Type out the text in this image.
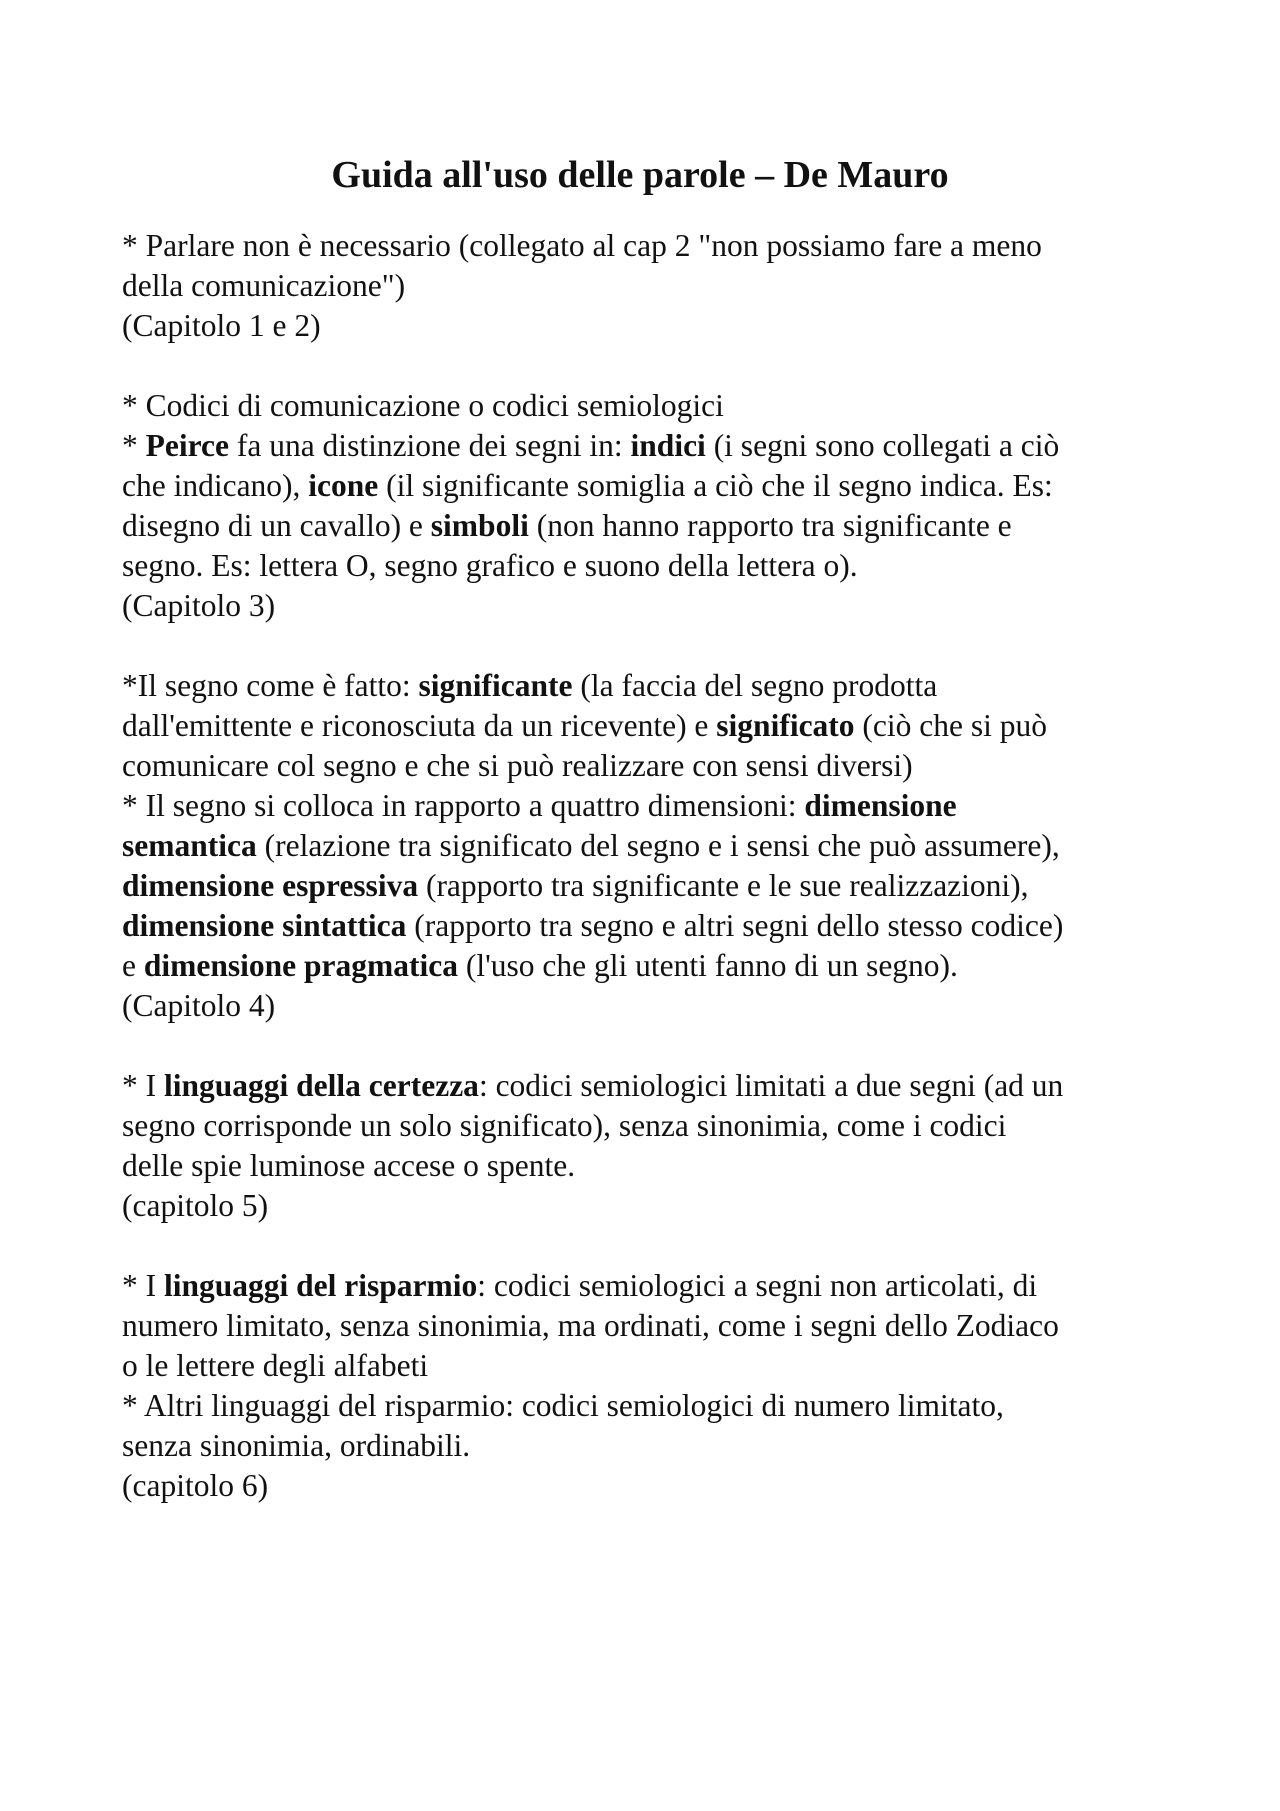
Guida all'uso delle parole – De Mauro
* Parlare non è necessario (collegato al cap 2 "non possiamo fare a meno
della comunicazione")
(Capitolo 1 e 2)
* Codici di comunicazione o codici semiologici
* Peirce fa una distinzione dei segni in: indici (i segni sono collegati a ciò
che indicano), icone (il significante somiglia a ciò che il segno indica. Es:
disegno di un cavallo) e simboli (non hanno rapporto tra significante e
segno. Es: lettera O, segno grafico e suono della lettera o).
(Capitolo 3)
*Il segno come è fatto: significante (la faccia del segno prodotta
dall'emittente e riconosciuta da un ricevente) e significato (ciò che si può
comunicare col segno e che si può realizzare con sensi diversi)
* Il segno si colloca in rapporto a quattro dimensioni: dimensione
semantica (relazione tra significato del segno e i sensi che può assumere),
dimensione espressiva (rapporto tra significante e le sue realizzazioni),
dimensione sintattica (rapporto tra segno e altri segni dello stesso codice)
e dimensione pragmatica (l'uso che gli utenti fanno di un segno).
(Capitolo 4)
* I linguaggi della certezza: codici semiologici limitati a due segni (ad un
segno corrisponde un solo significato), senza sinonimia, come i codici
delle spie luminose accese o spente.
(capitolo 5)
* I linguaggi del risparmio: codici semiologici a segni non articolati, di
numero limitato, senza sinonimia, ma ordinati, come i segni dello Zodiaco
o le lettere degli alfabeti
* Altri linguaggi del risparmio: codici semiologici di numero limitato,
senza sinonimia, ordinabili.
(capitolo 6)
